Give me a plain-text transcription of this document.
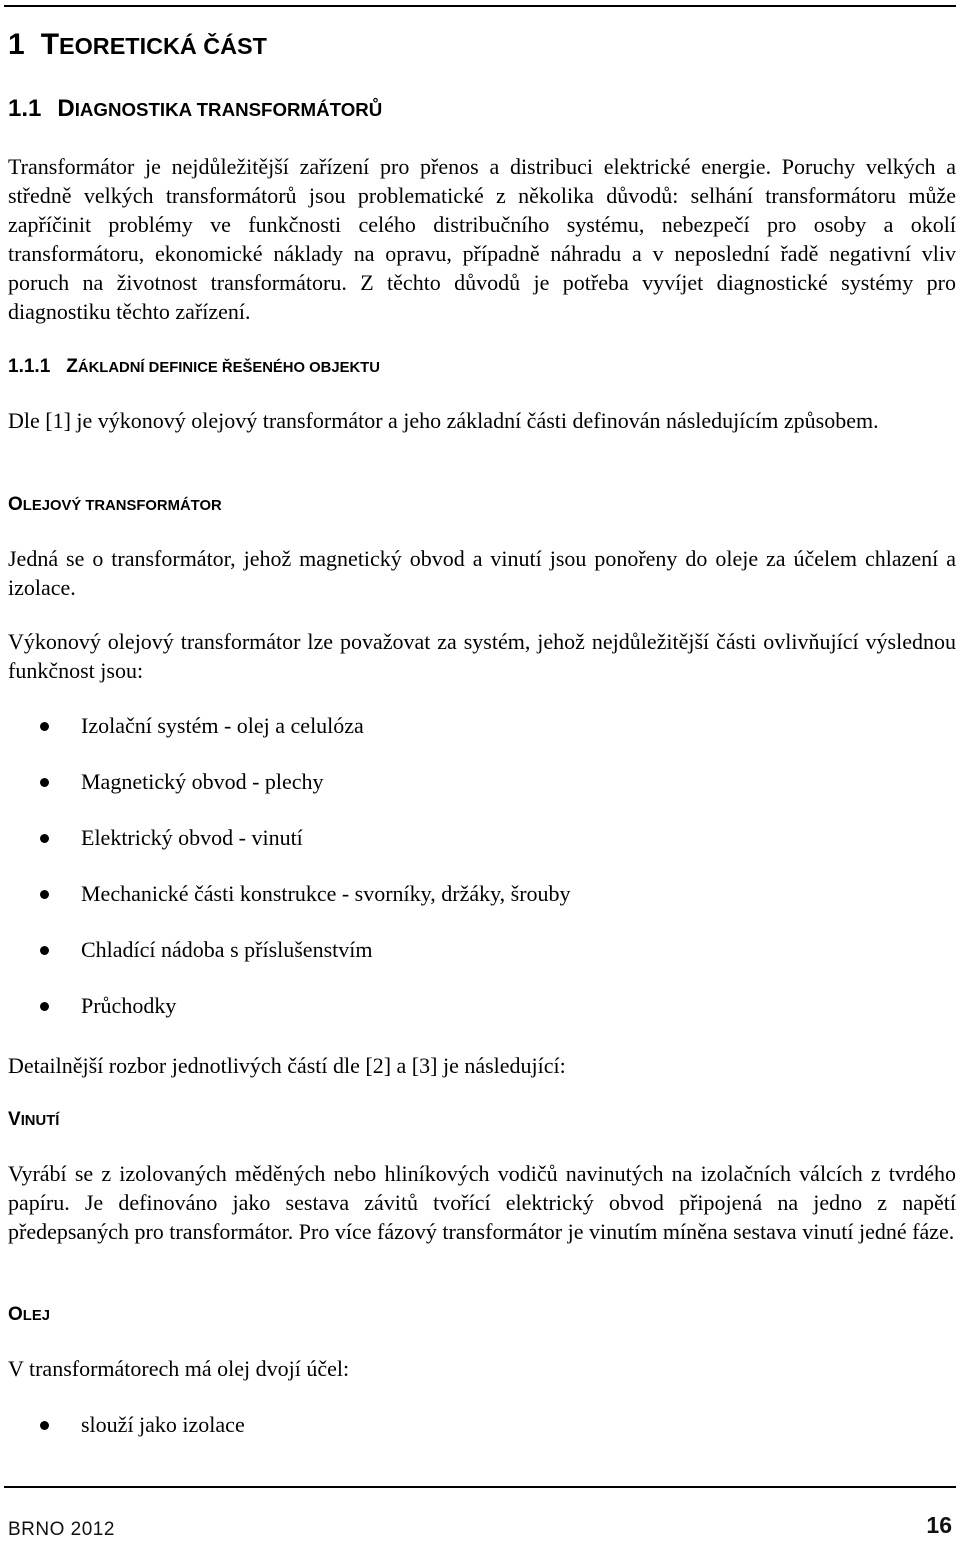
1 TEORETICKÁ ČÁST
1.1 DIAGNOSTIKA TRANSFORMÁTORŮ

Transformátor je nejdůležitější zařízení pro přenos a distribuci elektrické energie. Poruchy velkých a středně velkých transformátorů jsou problematické z několika důvodů: selhání transformátoru může zapříčinit problémy ve funkčnosti celého distribučního systému, nebezpečí pro osoby a okolí transformátoru, ekonomické náklady na opravu, případně náhradu a v neposlední řadě negativní vliv poruch na životnost transformátoru. Z těchto důvodů je potřeba vyvíjet diagnostické systémy pro diagnostiku těchto zařízení.

1.1.1 ZÁKLADNÍ DEFINICE ŘEŠENÉHO OBJEKTU

Dle [1] je výkonový olejový transformátor a jeho základní části definován následujícím způsobem.

OLEJOVÝ TRANSFORMÁTOR

Jedná se o transformátor, jehož magnetický obvod a vinutí jsou ponořeny do oleje za účelem chlazení a izolace.

Výkonový olejový transformátor lze považovat za systém, jehož nejdůležitější části ovlivňující výslednou funkčnost jsou:

Izolační systém - olej a celulóza
Magnetický obvod - plechy
Elektrický obvod - vinutí
Mechanické části konstrukce - svorníky, držáky, šrouby
Chladící nádoba s příslušenstvím
Průchodky

Detailnější rozbor jednotlivých částí dle [2] a [3] je následující:

VINUTÍ

Vyrábí se z izolovaných měděných nebo hliníkových vodičů navinutých na izolačních válcích z tvrdého papíru. Je definováno jako sestava závitů tvořící elektrický obvod připojená na jedno z napětí předepsaných pro transformátor. Pro více fázový transformátor je vinutím míněna sestava vinutí jedné fáze.

OLEJ

V transformátorech má olej dvojí účel:

slouží jako izolace
BRNO 2012	16
